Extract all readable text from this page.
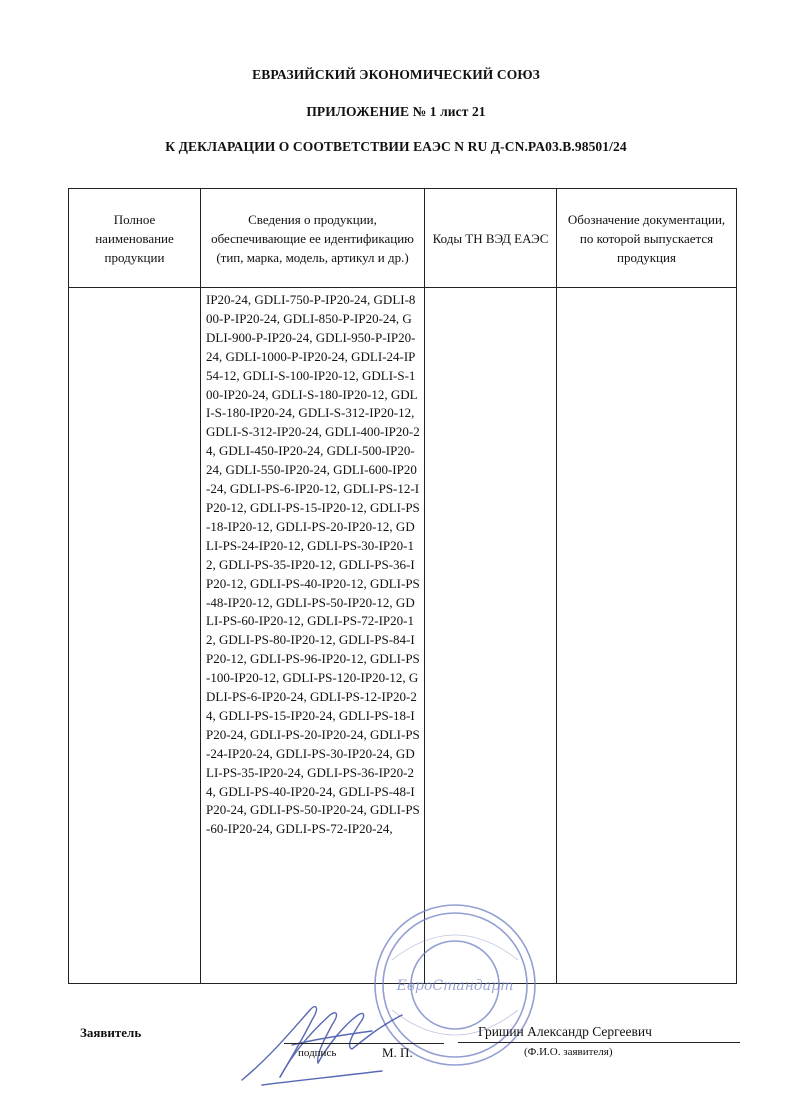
ЕВРАЗИЙСКИЙ ЭКОНОМИЧЕСКИЙ СОЮЗ
ПРИЛОЖЕНИЕ № 1 лист 21
К ДЕКЛАРАЦИИ О СООТВЕТСТВИИ ЕАЭС N RU Д-CN.PA03.B.98501/24
Полное наименование продукции	Сведения о продукции, обеспечивающие ее идентификацию (тип, марка, модель, артикул и др.)	Коды ТН ВЭД ЕАЭС	Обозначение документации, по которой выпускается продукция
	IP20-24, GDLI-750-P-IP20-24, GDLI-800-P-IP20-24, GDLI-850-P-IP20-24, GDLI-900-P-IP20-24, GDLI-950-P-IP20-24, GDLI-1000-P-IP20-24, GDLI-24-IP54-12, GDLI-S-100-IP20-12, GDLI-S-100-IP20-24, GDLI-S-180-IP20-12, GDLI-S-180-IP20-24, GDLI-S-312-IP20-12, GDLI-S-312-IP20-24, GDLI-400-IP20-24, GDLI-450-IP20-24, GDLI-500-IP20-24, GDLI-550-IP20-24, GDLI-600-IP20-24, GDLI-PS-6-IP20-12, GDLI-PS-12-IP20-12, GDLI-PS-15-IP20-12, GDLI-PS-18-IP20-12, GDLI-PS-20-IP20-12, GDLI-PS-24-IP20-12, GDLI-PS-30-IP20-12, GDLI-PS-35-IP20-12, GDLI-PS-36-IP20-12, GDLI-PS-40-IP20-12, GDLI-PS-48-IP20-12, GDLI-PS-50-IP20-12, GDLI-PS-60-IP20-12, GDLI-PS-72-IP20-12, GDLI-PS-80-IP20-12, GDLI-PS-84-IP20-12, GDLI-PS-96-IP20-12, GDLI-PS-100-IP20-12, GDLI-PS-120-IP20-12, GDLI-PS-6-IP20-24, GDLI-PS-12-IP20-24, GDLI-PS-15-IP20-24, GDLI-PS-18-IP20-24, GDLI-PS-20-IP20-24, GDLI-PS-24-IP20-24, GDLI-PS-30-IP20-24, GDLI-PS-35-IP20-24, GDLI-PS-36-IP20-24, GDLI-PS-40-IP20-24, GDLI-PS-48-IP20-24, GDLI-PS-50-IP20-24, GDLI-PS-60-IP20-24, GDLI-PS-72-IP20-24,		
ЕвроСтандарт
Заявитель
подпись	М. П.
Гришин Александр Сергеевич
(Ф.И.О. заявителя)
